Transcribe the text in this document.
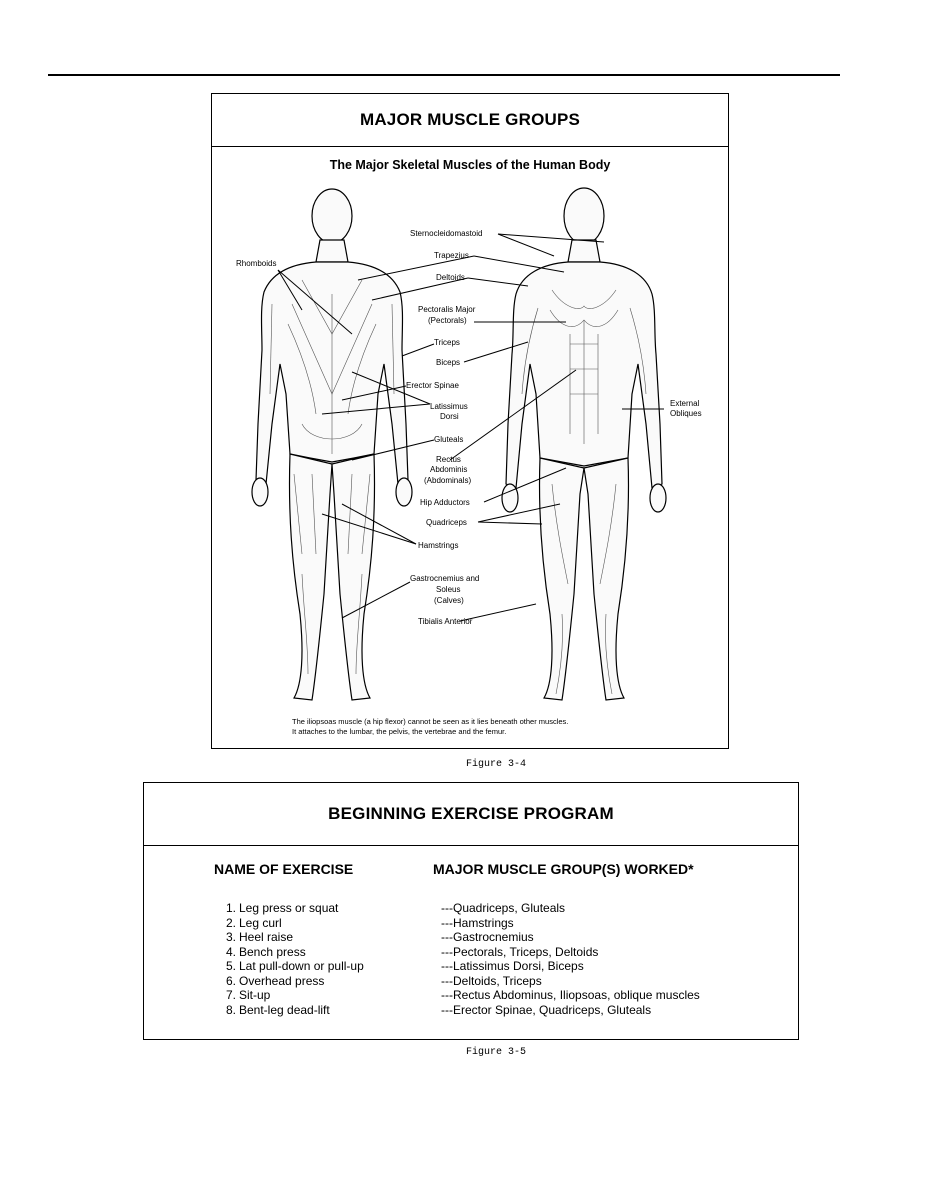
MAJOR MUSCLE GROUPS
The Major Skeletal Muscles of the Human Body
Sternocleidomastoid
Trapezius
Rhomboids
Deltoids
Pectoralis Major
(Pectorals)
Triceps
Biceps
Erector Spinae
Latissimus
Dorsi
External
Obliques
Gluteals
Rectus
Abdominis
(Abdominals)
Hip Adductors
Quadriceps
Hamstrings
Gastrocnemius and
Soleus
(Calves)
Tibialis Anterior
The iliopsoas muscle (a hip flexor) cannot be seen as it lies beneath other muscles.
It attaches to the lumbar, the pelvis, the vertebrae and the femur.
Figure 3-4
BEGINNING EXERCISE PROGRAM
NAME OF EXERCISE	MAJOR MUSCLE GROUP(S) WORKED*
1. Leg press or squat	---Quadriceps, Gluteals
2. Leg curl	---Hamstrings
3. Heel raise	---Gastrocnemius
4. Bench press	---Pectorals, Triceps, Deltoids
5. Lat pull-down or pull-up	---Latissimus Dorsi, Biceps
6. Overhead press	---Deltoids, Triceps
7. Sit-up	---Rectus Abdominus, Iliopsoas, oblique muscles
8. Bent-leg dead-lift	---Erector Spinae, Quadriceps, Gluteals
Figure 3-5
